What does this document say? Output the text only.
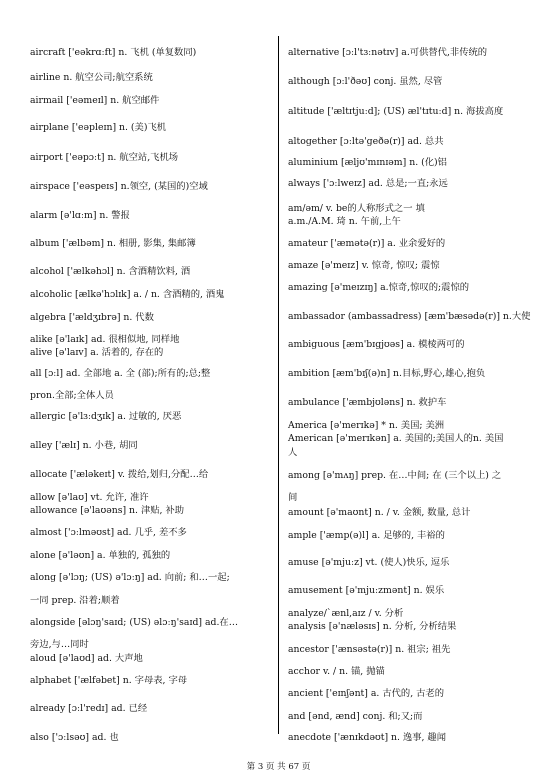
aircraft ['eəkrɑːft] n. 飞机 (单复数同)
airline n. 航空公司;航空系统
airmail ['eəmeɪl] n. 航空邮件
airplane ['eəpleɪn] n. (美)飞机
airport ['eəpɔːt] n. 航空站,飞机场
airspace ['eəspeɪs] n.领空, (某国的)空域
alarm [ə'lɑːm] n. 警报
album ['ælbəm] n. 相册, 影集, 集邮簿
alcohol ['ælkəhɔl] n. 含酒精饮料, 酒
alcoholic [ælkə'hɔlɪk] a. / n. 含酒精的, 酒鬼
algebra ['ældʒɪbrə] n. 代数
alike [ə'laɪk] ad. 很相似地, 同样地
alive [ə'laɪv] a. 活着的, 存在的
all [ɔːl] ad. 全部地 a. 全 (部);所有的;总;整
pron.全部;全体人员
allergic [ə'lɜːdʒɪk] a. 过敏的, 厌恶
alley ['ælɪ] n. 小巷, 胡同
allocate ['æləkeɪt] v. 拨给,划归,分配…给
allow [ə'laʊ] vt. 允许, 准许
allowance [ə'laʊəns] n. 津贴, 补助
almost ['ɔːlməʊst] ad. 几乎, 差不多
alone [ə'ləʊn] a. 单独的, 孤独的
along [ə'lɔŋ; (US) ə'lɔːŋ] ad. 向前; 和…一起;
一同 prep. 沿着;顺着
alongside [əlɔŋ'saɪd; (US) əlɔːŋ'saɪd] ad.在…
旁边,与…同时
aloud [ə'laʊd] ad. 大声地
alphabet ['ælfəbet] n. 字母表, 字母
already [ɔːl'redɪ] ad. 已经
also ['ɔːlsəʊ] ad. 也
alternative [ɔːl'tɜːnətɪv] a.可供替代,非传统的
although [ɔːl'ðəʊ] conj. 虽然, 尽管
altitude ['æltɪtjuːd]; (US) æl'tɪtuːd] n. 海拔高度
altogether [ɔːltə'geðə(r)] ad. 总共
aluminium [æljʊ'mɪnɪəm] n. (化)铝
always ['ɔːlweɪz] ad. 总是;一直;永远
am/əm/ v. be的人称形式之一 填
a.m./A.M. 琦 n. 午前,上午
amateur ['æmətə(r)] a. 业余爱好的
amaze [ə'meɪz] v. 惊奇, 惊叹; 震惊
amazing [ə'meɪzɪŋ] a.惊奇,惊叹的;震惊的
ambassador (ambassadress) [æm'bæsədə(r)] n.大使
ambiguous [æm'bɪgjʊəs] a. 模棱两可的
ambition [æm'bɪʃ(ə)n] n.目标,野心,雄心,抱负
ambulance ['æmbjʊləns] n. 救护车
America [ə'merɪkə] * n. 美国; 美洲
American [ə'merɪkən] a. 美国的;美国人的n. 美国
人
among [ə'mʌŋ] prep. 在…中间; 在 (三个以上) 之
间
amount [ə'maʊnt] n. / v. 金额, 数量, 总计
ample ['æmp(ə)l] a. 足够的, 丰裕的
amuse [ə'mjuːz] vt. (使人)快乐, 逗乐
amusement [ə'mjuːzmənt] n. 娱乐
analyze/`ænl,aɪz / v. 分析
analysis [ə'næləsɪs] n. 分析, 分析结果
ancestor ['ænsəstə(r)] n. 祖宗; 祖先
acchor v. / n. 锚, 抛锚
ancient ['eɪnʃənt] a. 古代的, 古老的
and [ənd, ænd] conj. 和;又;而
anecdote ['ænɪkdəʊt] n. 逸事, 趣闻
第 3 页 共 67 页
